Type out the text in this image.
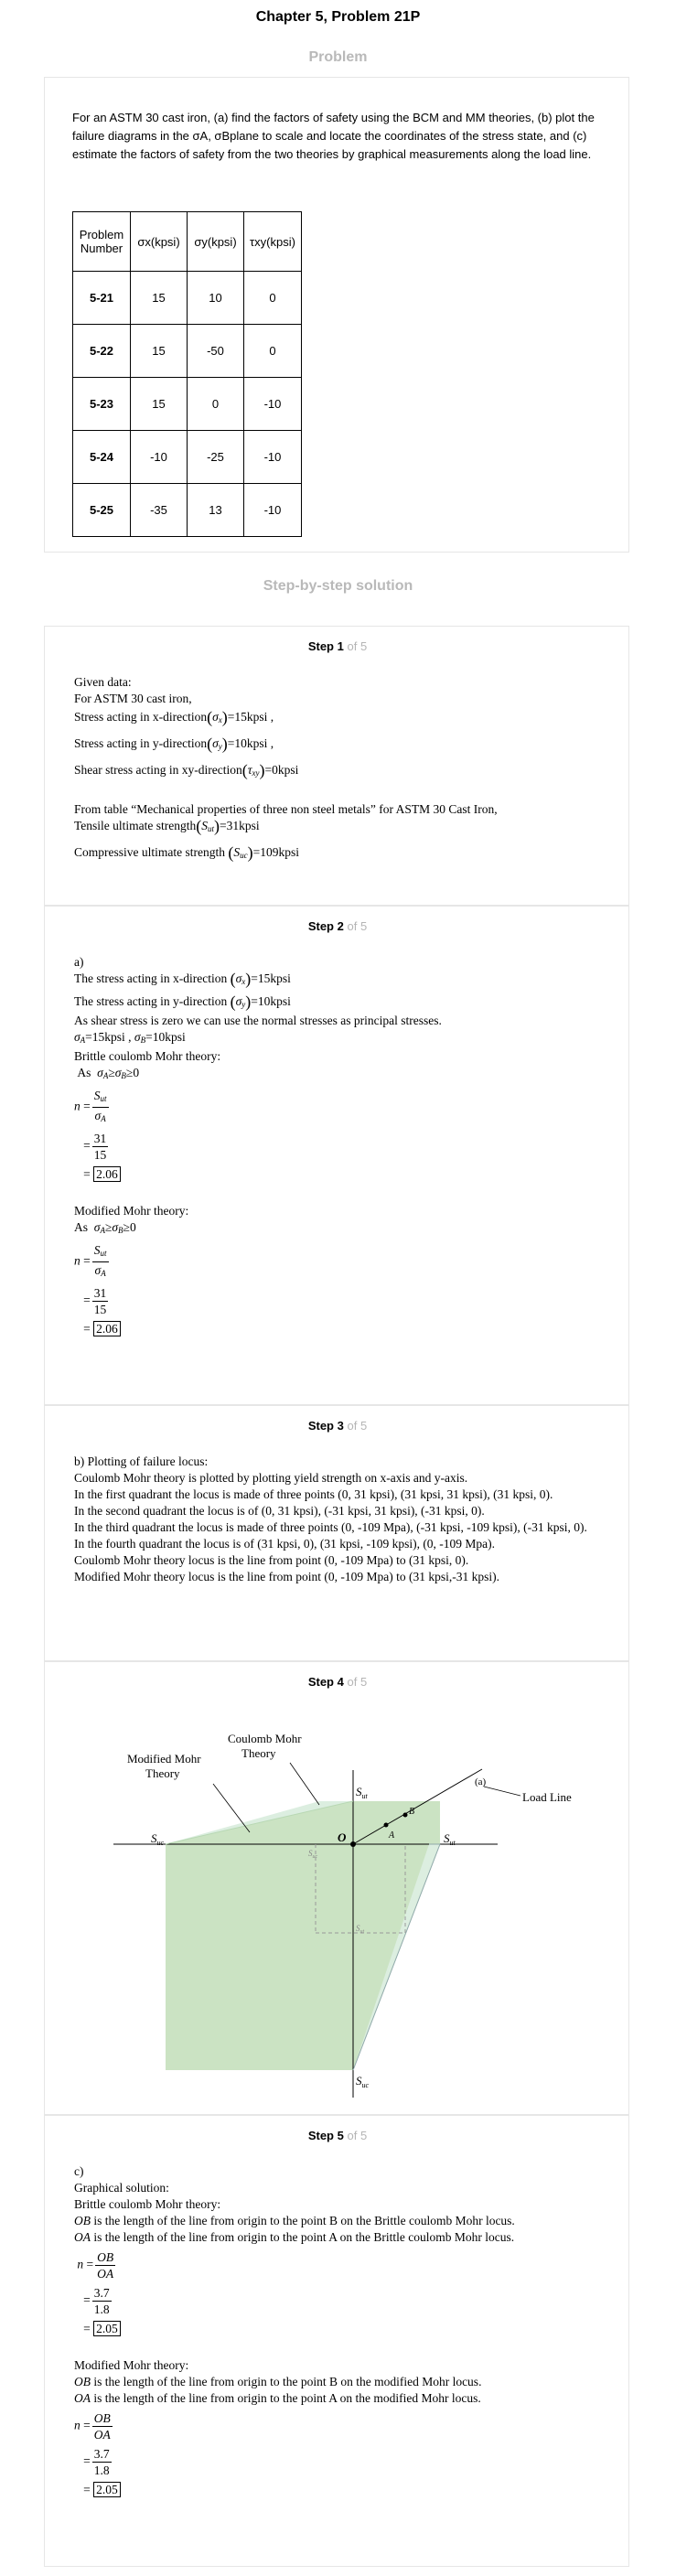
Chapter 5, Problem 21P
Problem
For an ASTM 30 cast iron, (a) find the factors of safety using the BCM and MM theories, (b) plot the failure diagrams in the σA, σBplane to scale and locate the coordinates of the stress state, and (c) estimate the factors of safety from the two theories by graphical measurements along the load line.
Problem Number	σx(kpsi)	σy(kpsi)	τxy(kpsi)
5-21	15	10	0
5-22	15	-50	0
5-23	15	0	-10
5-24	-10	-25	-10
5-25	-35	13	-10
Step-by-step solution
Step 1 of 5
Given data:
For ASTM 30 cast iron,
Stress acting in $x-direction(\sigma_x)=15kpsi$ ,
Stress acting in $y-direction(\sigma_y)=10kpsi$ ,
Shear stress acting in $xy-direction(\tau_{xy})=0kpsi$
From table “Mechanical properties of three non steel metals” for ASTM 30 Cast Iron,
Tensile ultimate $strength(S_{ut})=31kpsi$
Compressive ultimate strength $(S_{uc})=109kpsi$
Step 2 of 5
a)
The stress acting in x-direction $(\sigma_x)=15kpsi$
The stress acting in y-direction $(\sigma_y)=10kpsi$
As shear stress is zero we can use the normal stresses as principal stresses.
$\sigma_A=15kpsi$ , $\sigma_B=10kpsi$
Brittle coulomb Mohr theory:
As $\sigma_A\ge\sigma_B\ge 0$
$n = \frac{S_{ut}}{\sigma_A}$
= $\frac{31}{15}$
= 2.06
Modified Mohr theory:
As $\sigma_A\ge\sigma_B\ge 0$
$n = \frac{S_{ut}}{\sigma_A}$
= $\frac{31}{15}$
= 2.06
Step 3 of 5
b) Plotting of failure locus:
Coulomb Mohr theory is plotted by plotting yield strength on x-axis and y-axis.
In the first quadrant the locus is made of three points (0, 31 kpsi), (31 kpsi, 31 kpsi), (31 kpsi, 0).
In the second quadrant the locus is of (0, 31 kpsi), (-31 kpsi, 31 kpsi), (-31 kpsi, 0).
In the third quadrant the locus is made of three points (0, -109 Mpa), (-31 kpsi, -109 kpsi), (-31 kpsi, 0).
In the fourth quadrant the locus is of (31 kpsi, 0), (31 kpsi, -109 kpsi), (0, -109 Mpa).
Coulomb Mohr theory locus is the line from point (0, -109 Mpa) to (31 kpsi, 0).
Modified Mohr theory locus is the line from point (0, -109 Mpa) to (31 kpsi,-31 kpsi).
Step 4 of 5
Modified Mohr
Theory
Coulomb Mohr
Theory
(a)
Load Line
$S_{uc}$
$S_{ut}$
$S_{ut}$
$S_{uc}$
O	A
B
$S_{uc}$
$S_{ut}$
Step 5 of 5
c)
Graphical solution:
Brittle coulomb Mohr theory:
OB is the length of the line from origin to the point B on the Brittle coulomb Mohr locus.
OA is the length of the line from origin to the point A on the Brittle coulomb Mohr locus.
$n = \frac{OB}{OA}$
= $\frac{3.7}{1.8}$
= 2.05
Modified Mohr theory:
OB is the length of the line from origin to the point B on the modified Mohr locus.
OA is the length of the line from origin to the point A on the modified Mohr locus.
$n = \frac{OB}{OA}$
= $\frac{3.7}{1.8}$
= 2.05
